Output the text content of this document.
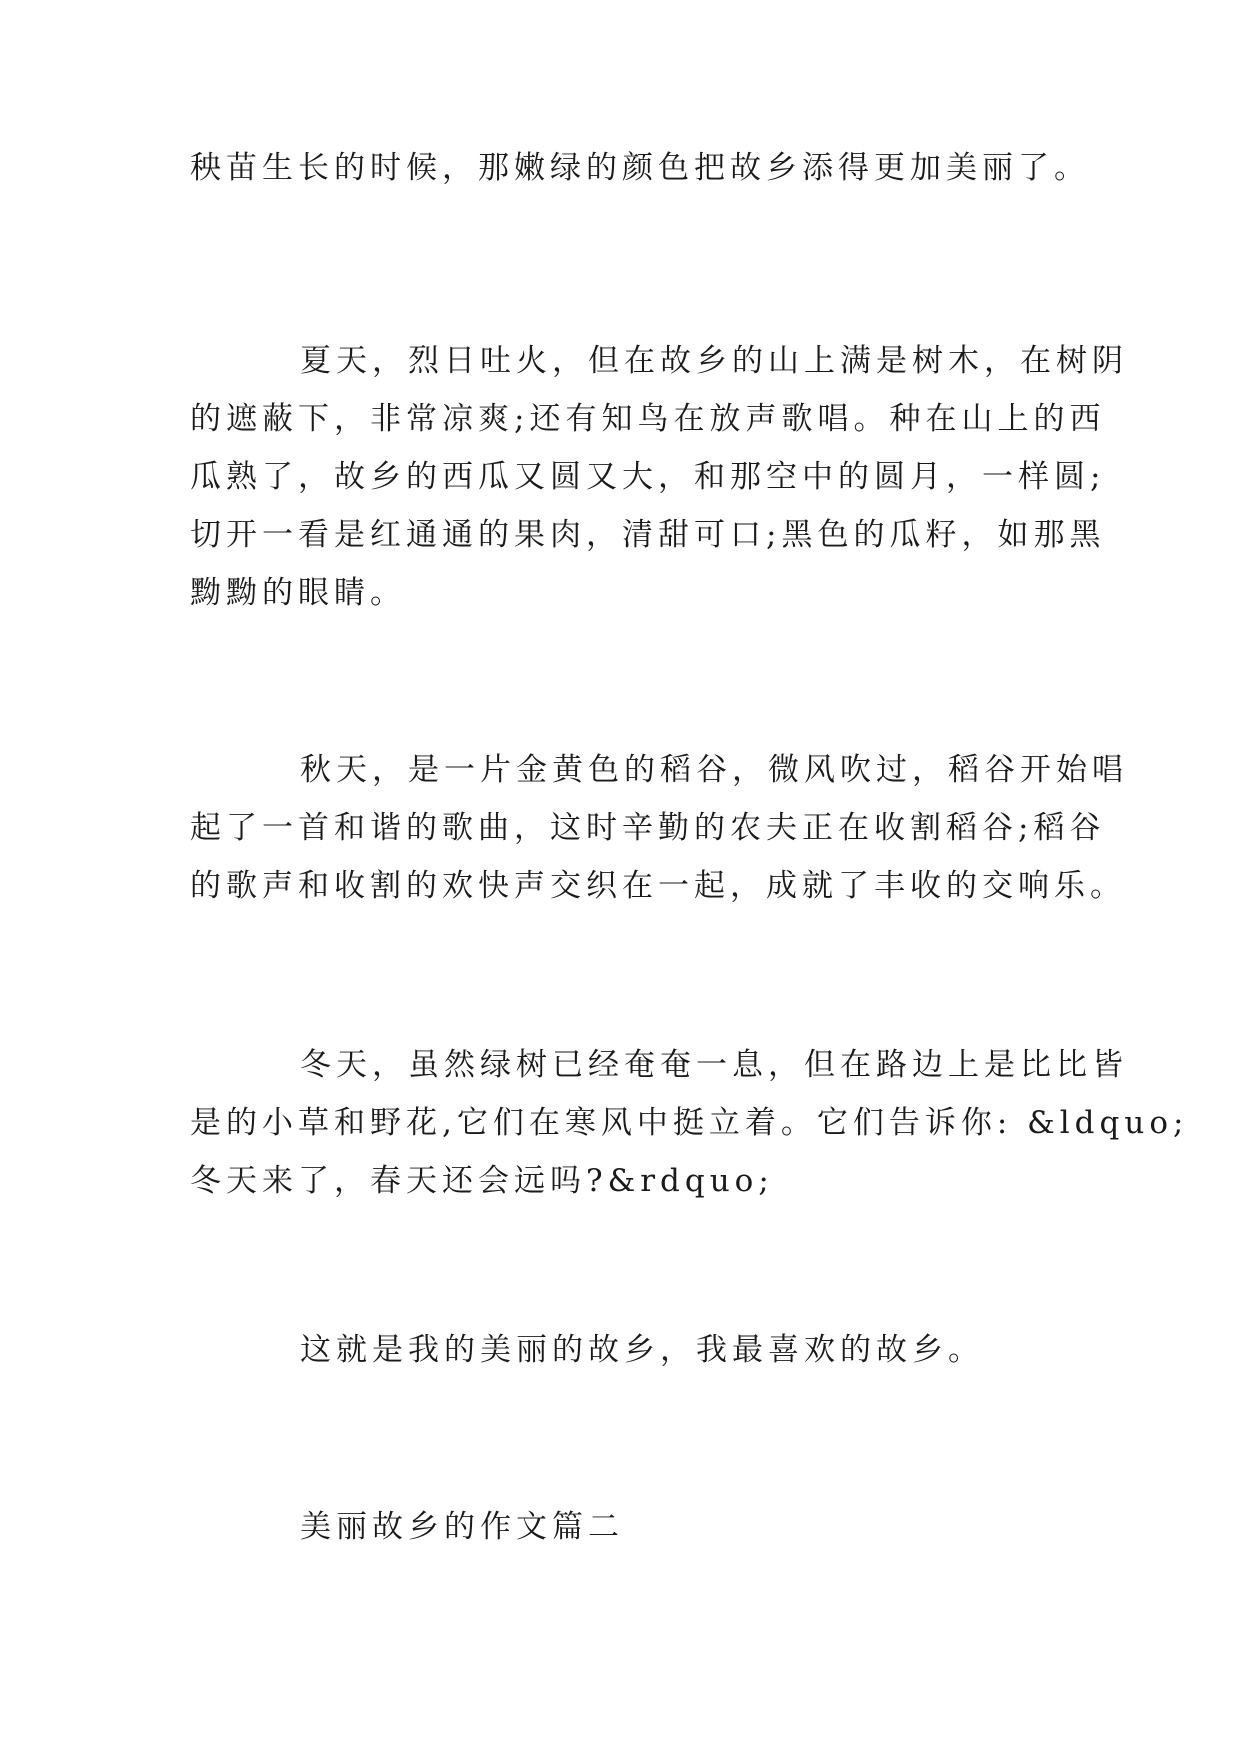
秧苗生长的时候，那嫩绿的颜色把故乡添得更加美丽了。
夏天，烈日吐火，但在故乡的山上满是树木，在树阴
的遮蔽下，非常凉爽;还有知鸟在放声歌唱。种在山上的西
瓜熟了，故乡的西瓜又圆又大，和那空中的圆月，一样圆;
切开一看是红通通的果肉，清甜可口;黑色的瓜籽，如那黑
黝黝的眼睛。
秋天，是一片金黄色的稻谷，微风吹过，稻谷开始唱
起了一首和谐的歌曲，这时辛勤的农夫正在收割稻谷;稻谷
的歌声和收割的欢快声交织在一起，成就了丰收的交响乐。
冬天，虽然绿树已经奄奄一息，但在路边上是比比皆
是的小草和野花,它们在寒风中挺立着。它们告诉你: &ldquo;
冬天来了，春天还会远吗?&rdquo;
这就是我的美丽的故乡，我最喜欢的故乡。
美丽故乡的作文篇二
